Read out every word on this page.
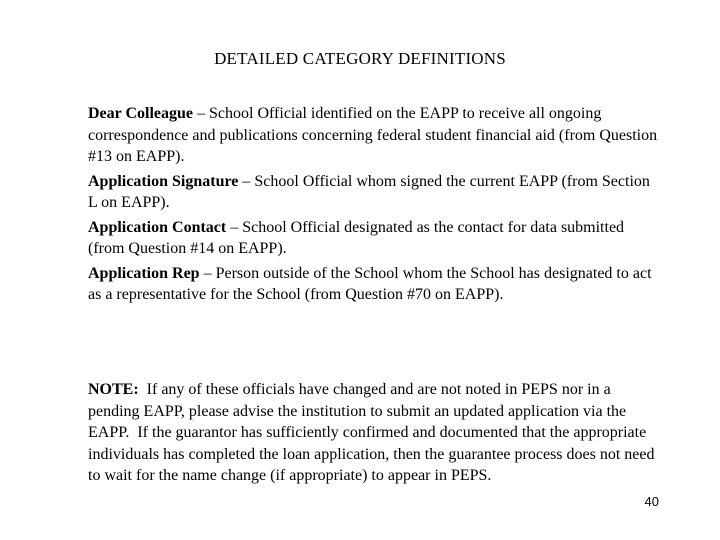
DETAILED CATEGORY DEFINITIONS

Dear Colleague – School Official identified on the EAPP to receive all ongoing correspondence and publications concerning federal student financial aid (from Question #13 on EAPP).

Application Signature – School Official whom signed the current EAPP (from Section L on EAPP).

Application Contact – School Official designated as the contact for data submitted (from Question #14 on EAPP).

Application Rep – Person outside of the School whom the School has designated to act as a representative for the School (from Question #70 on EAPP).

NOTE:  If any of these officials have changed and are not noted in PEPS nor in a pending EAPP, please advise the institution to submit an updated application via the EAPP.  If the guarantor has sufficiently confirmed and documented that the appropriate individuals has completed the loan application, then the guarantee process does not need to wait for the name change (if appropriate) to appear in PEPS.

40
